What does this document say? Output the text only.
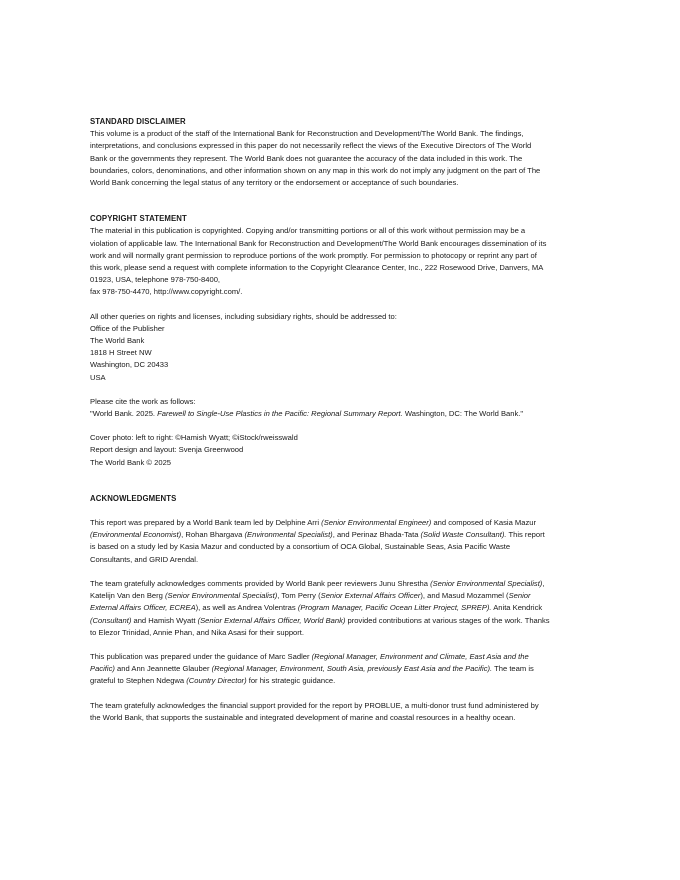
STANDARD DISCLAIMER

This volume is a product of the staff of the International Bank for Reconstruction and Development/The World Bank. The findings, interpretations, and conclusions expressed in this paper do not necessarily reflect the views of the Executive Directors of The World Bank or the governments they represent. The World Bank does not guarantee the accuracy of the data included in this work. The boundaries, colors, denominations, and other information shown on any map in this work do not imply any judgment on the part of The World Bank concerning the legal status of any territory or the endorsement or acceptance of such boundaries.

COPYRIGHT STATEMENT

The material in this publication is copyrighted. Copying and/or transmitting portions or all of this work without permission may be a violation of applicable law. The International Bank for Reconstruction and Development/The World Bank encourages dissemination of its work and will normally grant permission to reproduce portions of the work promptly. For permission to photocopy or reprint any part of this work, please send a request with complete information to the Copyright Clearance Center, Inc., 222 Rosewood Drive, Danvers, MA 01923, USA, telephone 978-750-8400,
fax 978-750-4470, http://www.copyright.com/.

All other queries on rights and licenses, including subsidiary rights, should be addressed to:

Office of the Publisher
The World Bank
1818 H Street NW
Washington, DC 20433
USA

Please cite the work as follows:

"World Bank. 2025. Farewell to Single-Use Plastics in the Pacific: Regional Summary Report. Washington, DC: The World Bank."

Cover photo: left to right: ©Hamish Wyatt; ©iStock/rweisswald

Report design and layout: Svenja Greenwood

The World Bank © 2025

ACKNOWLEDGMENTS

This report was prepared by a World Bank team led by Delphine Arri (Senior Environmental Engineer) and composed of Kasia Mazur (Environmental Economist), Rohan Bhargava (Environmental Specialist), and Perinaz Bhada-Tata (Solid Waste Consultant). This report is based on a study led by Kasia Mazur and conducted by a consortium of OCA Global, Sustainable Seas, Asia Pacific Waste Consultants, and GRID Arendal.

The team gratefully acknowledges comments provided by World Bank peer reviewers Junu Shrestha (Senior Environmental Specialist), Katelijn Van den Berg (Senior Environmental Specialist), Tom Perry (Senior External Affairs Officer), and Masud Mozammel (Senior External Affairs Officer, ECREA), as well as Andrea Volentras (Program Manager, Pacific Ocean Litter Project, SPREP). Anita Kendrick (Consultant) and Hamish Wyatt (Senior External Affairs Officer, World Bank) provided contributions at various stages of the work. Thanks to Elezor Trinidad, Annie Phan, and Nika Asasi for their support.

This publication was prepared under the guidance of Marc Sadler (Regional Manager, Environment and Climate, East Asia and the Pacific) and Ann Jeannette Glauber (Regional Manager, Environment, South Asia, previously East Asia and the Pacific). The team is grateful to Stephen Ndegwa (Country Director) for his strategic guidance.

The team gratefully acknowledges the financial support provided for the report by PROBLUE, a multi-donor trust fund administered by the World Bank, that supports the sustainable and integrated development of marine and coastal resources in a healthy ocean.
